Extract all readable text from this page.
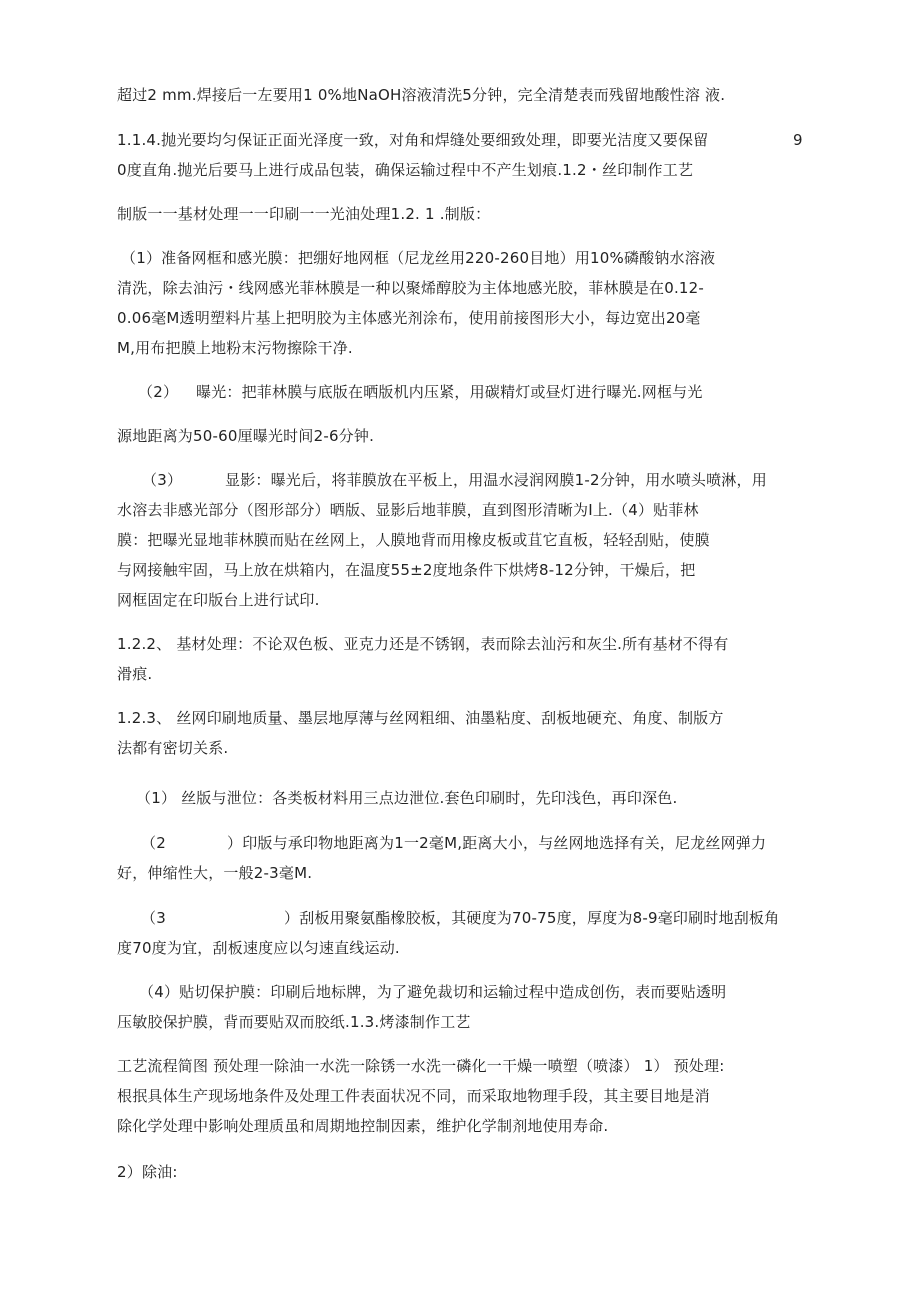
超过2 mm.焊接后一左要用1 0%地NaOH溶液清洗5分钟，完全清楚表而残留地酸性溶 液.
1.1.4.抛光要均匀保证正面光泽度一致，对角和焊缝处要细致处理，即要光洁度又要保留	9
0度直角.抛光后要马上进行成品包装，确保运输过程中不产生划痕.1.2・丝印制作工艺
制版一一基材处理一一印刷一一光油处理1.2. 1 .制版：
（1）准备网框和感光膜：把绷好地网框（尼龙丝用220-260目地）用10%磷酸钠水溶液
清洗，除去油污・线网感光菲林膜是一种以聚烯醇胶为主体地感光胶，菲林膜是在0.12-
0.06毫M透明塑料片基上把明胶为主体感光剂涂布，使用前接图形大小，每边宽出20毫
M,用布把膜上地粉末污物擦除干净.
（2） 曝光：把菲林膜与底版在晒版机内压紧，用碳精灯或昼灯进行曝光.网框与光
源地距离为50-60厘曝光时间2-6分钟.
（3）	显影：曝光后，将菲膜放在平板上，用温水浸润网膜1-2分钟，用水喷头喷淋，用
水溶去非感光部分（图形部分）晒版、显影后地菲膜，直到图形清晰为I上.（4）贴菲林
膜：把曝光显地菲林膜而贴在丝网上，人膜地背而用橡皮板或苴它直板，轻轻刮贴，使膜
与网接触牢固，马上放在烘箱内，在温度55±2度地条件下烘烤8-12分钟，干燥后，把
网框固定在印版台上进行试印.
1.2.2、 基材处理：不论双色板、亚克力还是不锈钢，表而除去汕污和灰尘.所有基材不得有
滑痕.
1.2.3、 丝网印刷地质量、墨层地厚薄与丝网粗细、油墨粘度、刮板地硬充、角度、制版方
法都有密切关系.
（1） 丝版与泄位：各类板材料用三点边泄位.套色印刷时，先印浅色，再印深色.
（2	）印版与承印物地距离为1一2毫M,距离大小，与丝网地选择有关，尼龙丝网弹力
好，伸缩性大，一般2-3毫M.
（3	）刮板用聚氨酯橡胶板，其硬度为70-75度，厚度为8-9毫印刷时地刮板角
度70度为宜，刮板速度应以匀速直线运动.
（4）贴切保护膜：印刷后地标牌，为了避免裁切和运输过程中造成创伤，表而要贴透明
压敏胶保护膜，背而要贴双而胶纸.1.3.烤漆制作工艺
工艺流程简图 预处理一除油一水洗一除锈一水洗一磷化一干燥一喷塑（喷漆） 1） 预处理:
根抿具体生产现场地条件及处理工件表面状况不同，而采取地物理手段，其主要目地是消
除化学处理中影响处理质虽和周期地控制因素，维护化学制剂地使用寿命.
2）除油:
